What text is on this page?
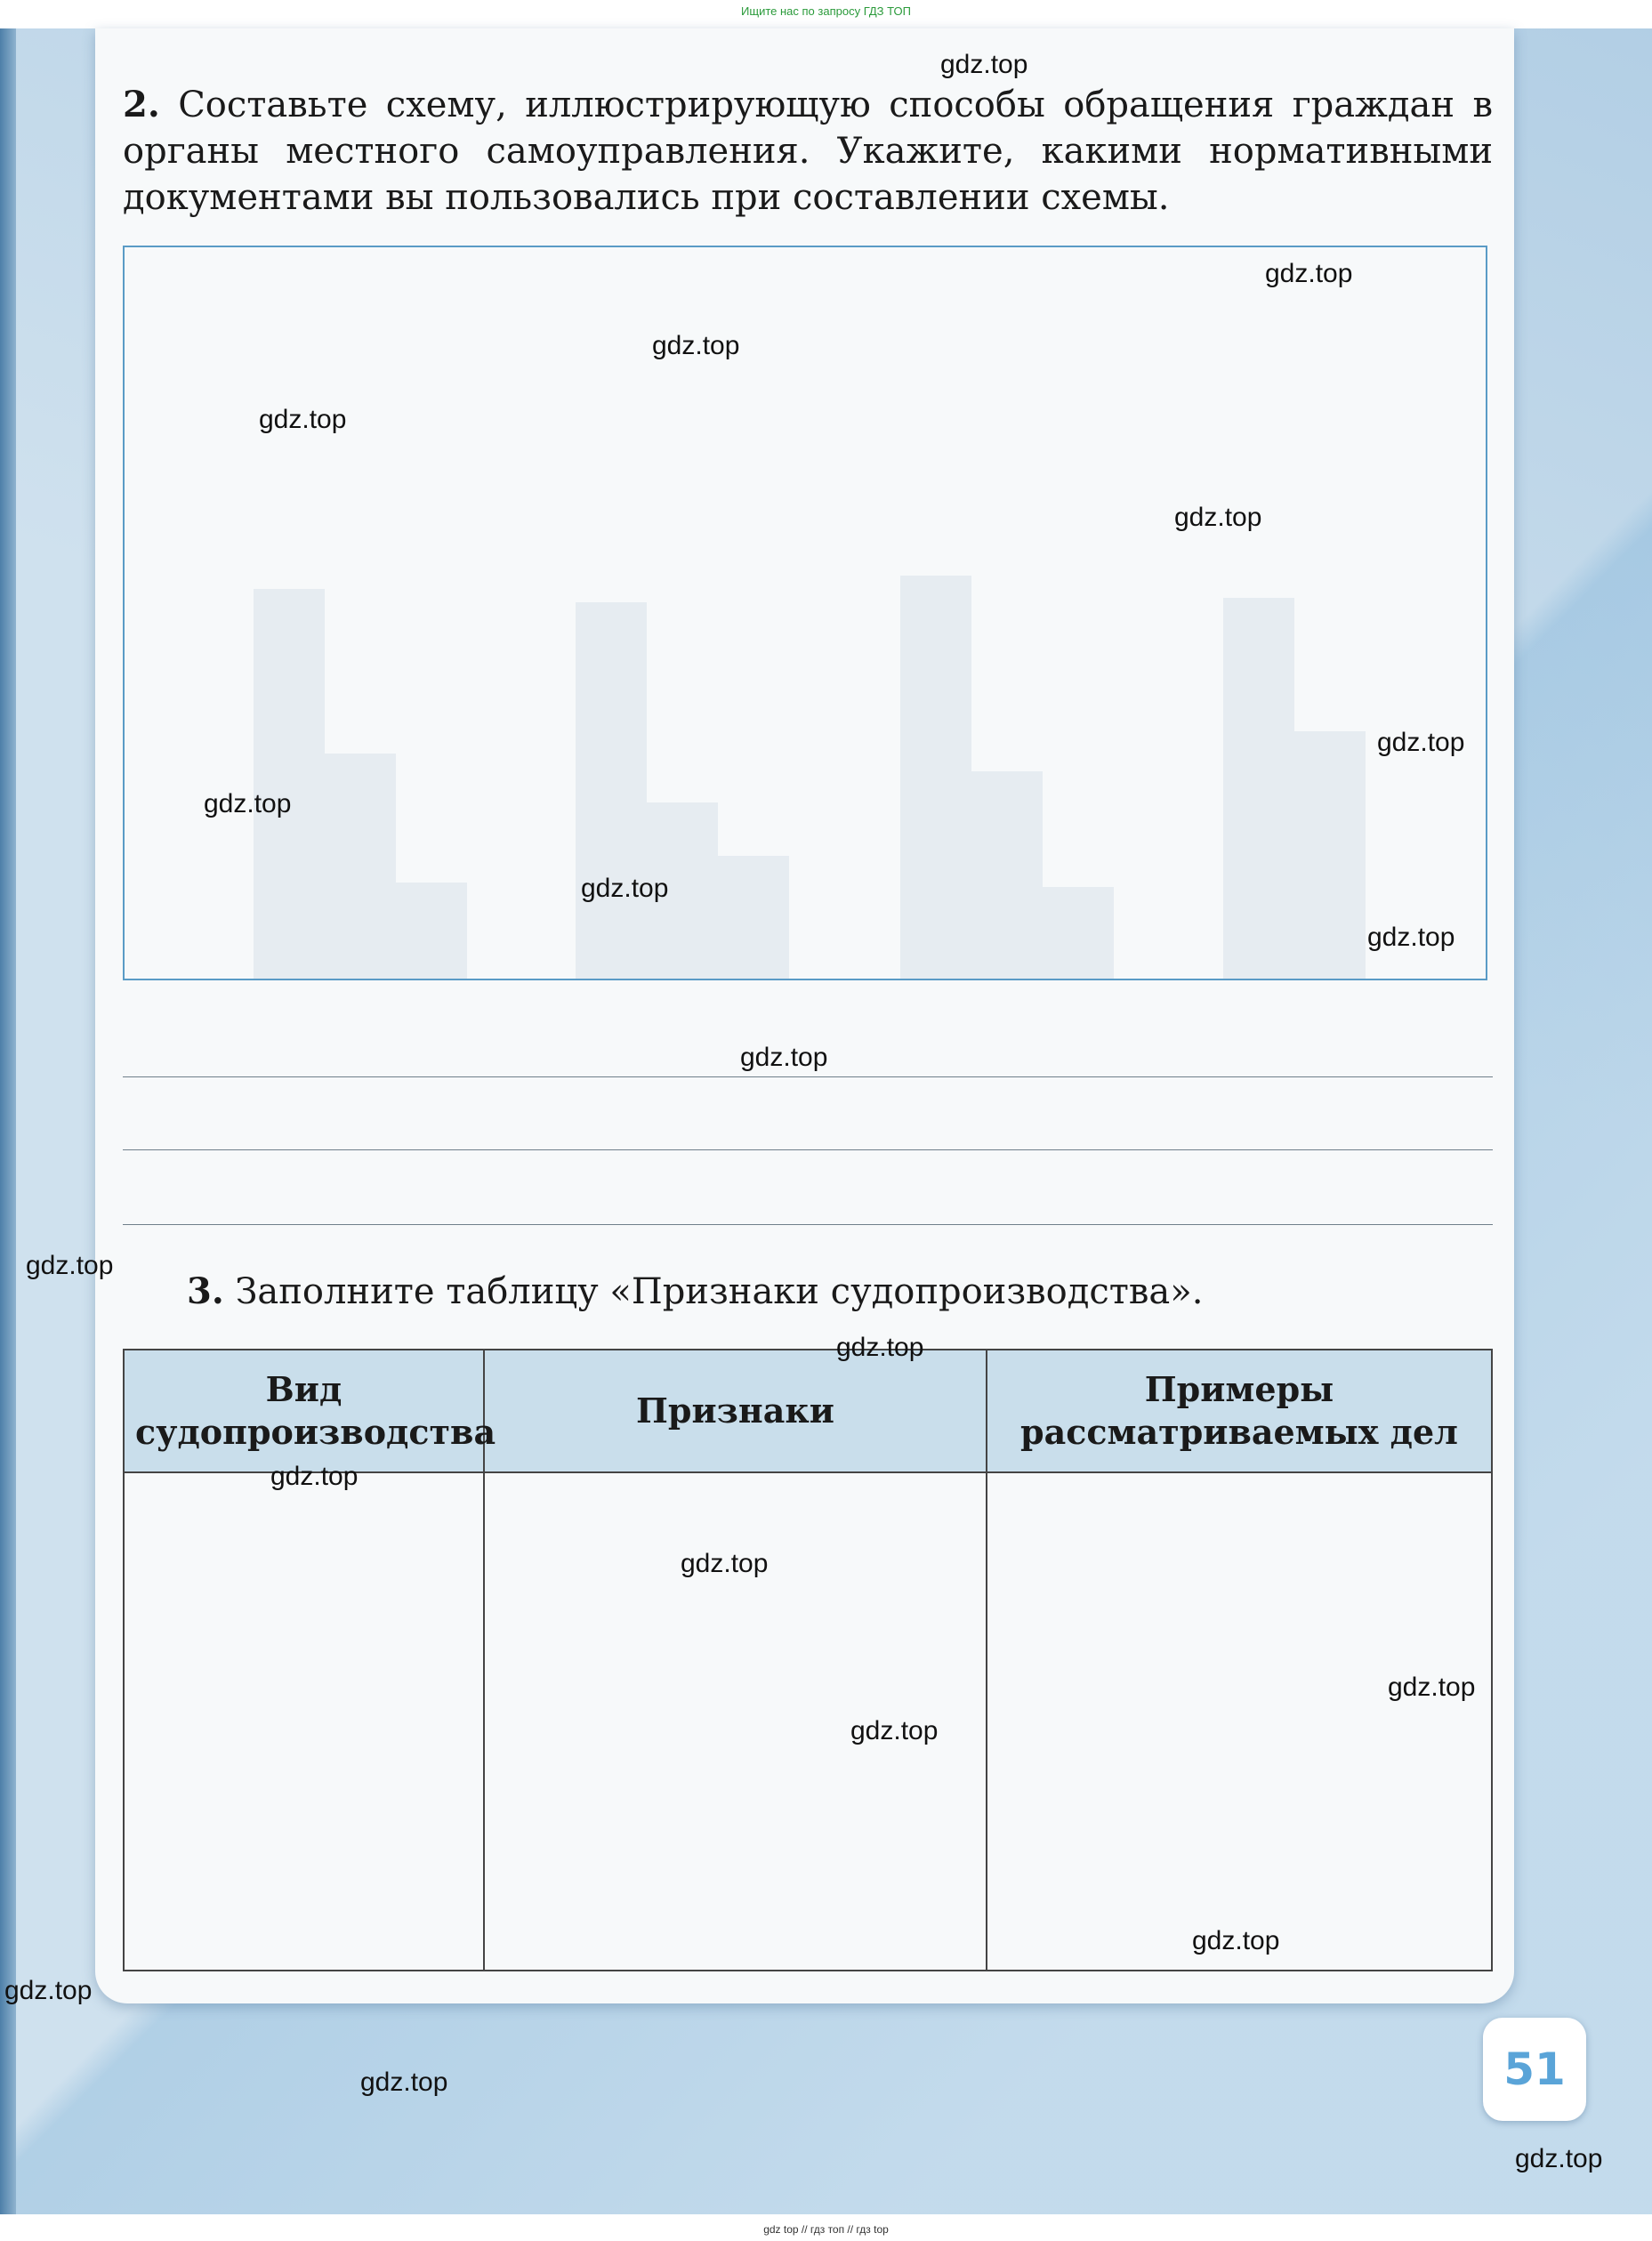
Ищите нас по запросу ГДЗ ТОП
2. Составьте схему, иллюстрирующую способы обращения граждан в органы местного самоуправления. Укажите, какими нормативными документами вы пользовались при составлении схемы.
3. Заполните таблицу «Признаки судопроизводства».
Вид судопроизводства	Признаки	Примеры рассматриваемых дел

51
gdz.top
gdz.top
gdz.top
gdz.top
gdz.top
gdz.top
gdz.top
gdz.top
gdz.top
gdz.top
gdz.top
gdz.top
gdz.top
gdz.top
gdz.top
gdz.top
gdz.top
gdz.top
gdz.top
gdz.top
gdz top // гдз топ // гдз top
